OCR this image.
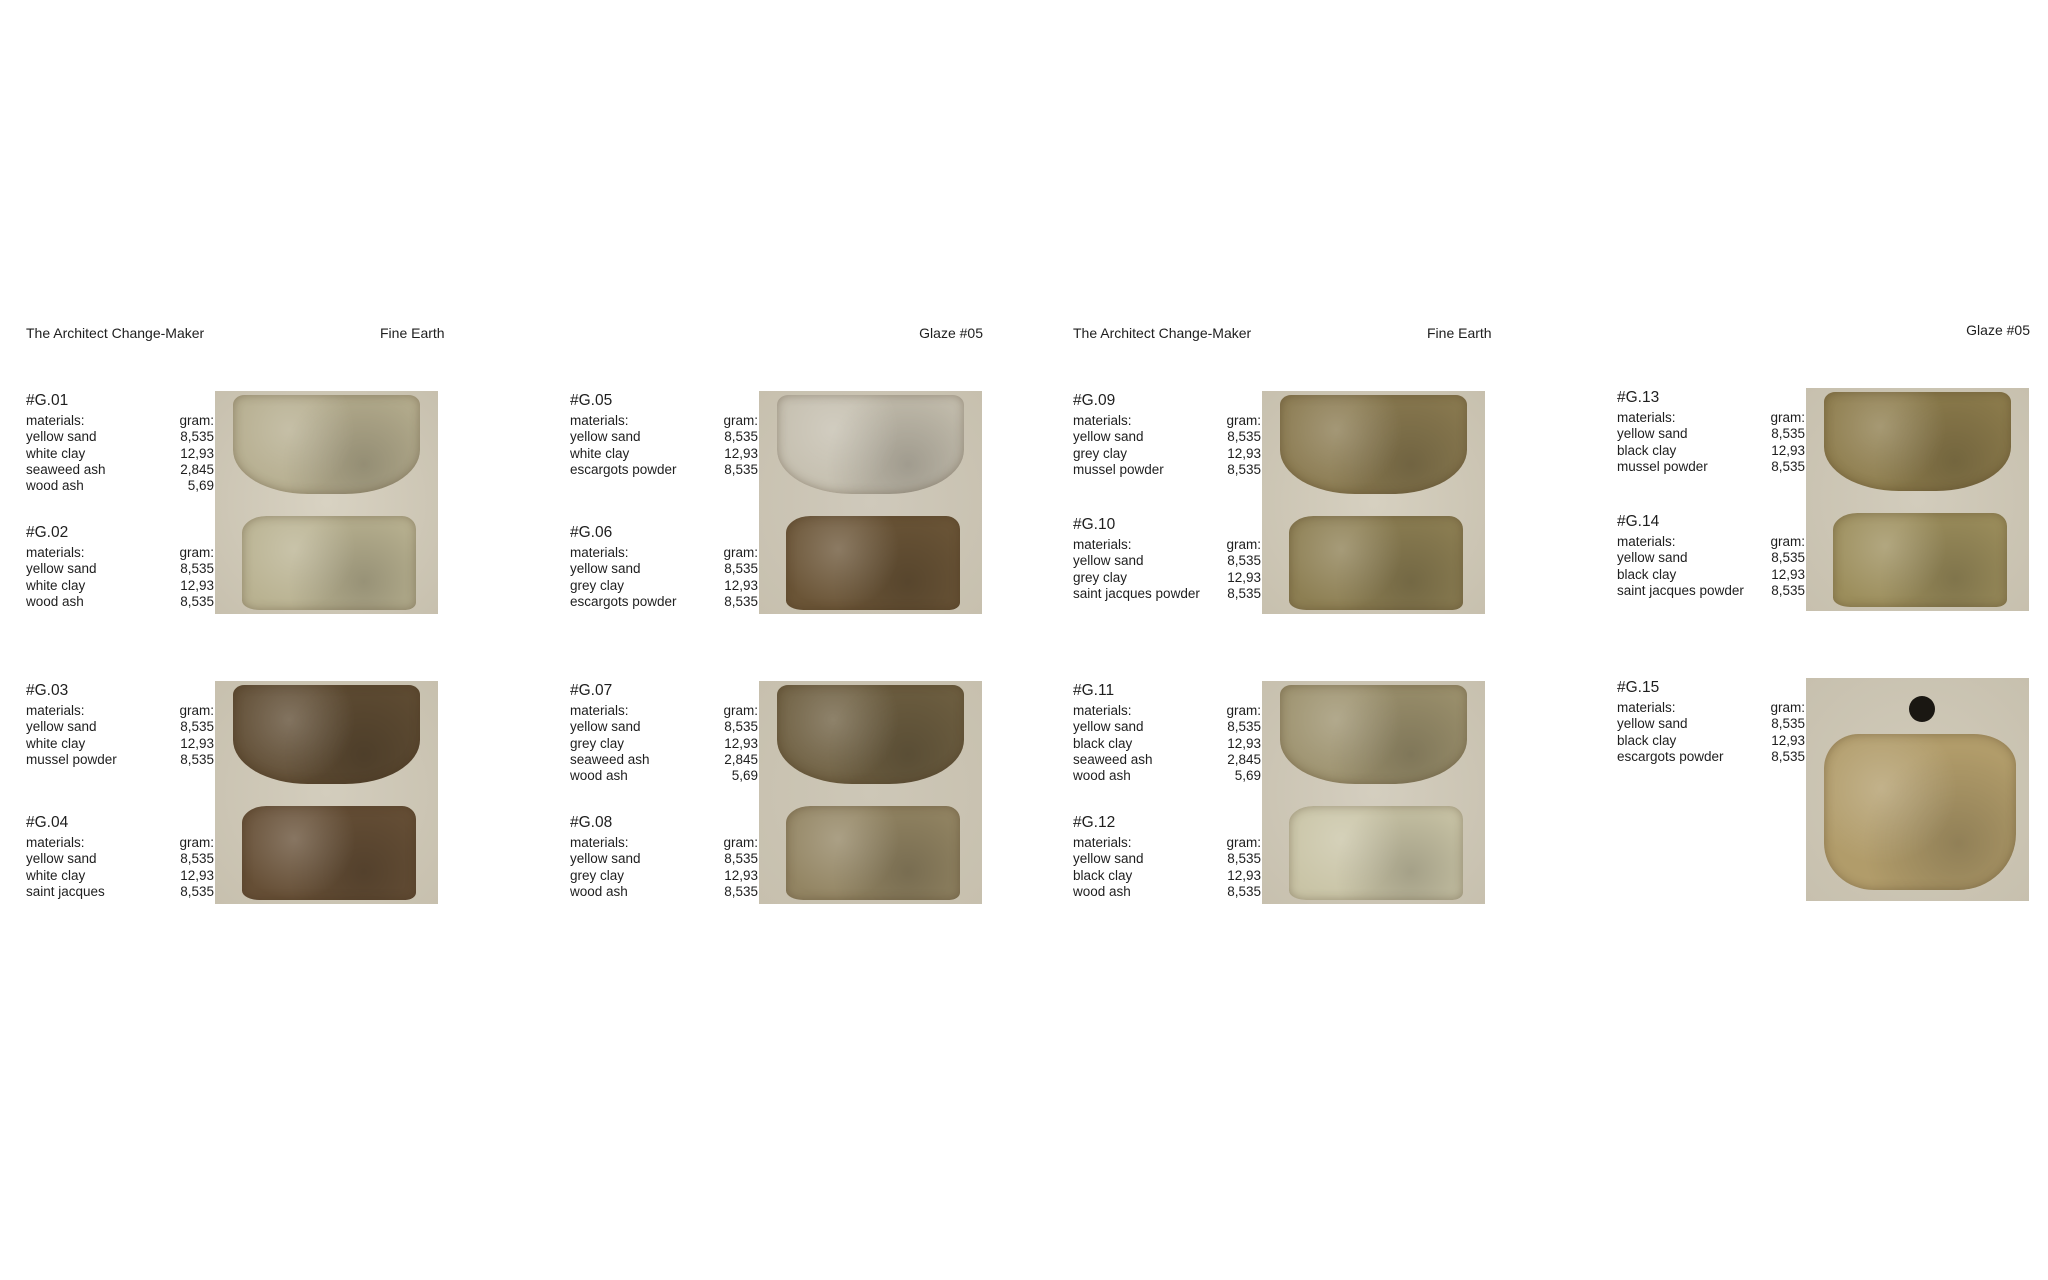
The Architect Change-Maker	Fine Earth	Glaze #05
#G.01
materials:	gram:
yellow sand	8,535
white clay	12,93
seaweed ash	2,845
wood ash	5,69
#G.02
materials:	gram:
yellow sand	8,535
white clay	12,93
wood ash	8,535
#G.03
materials:	gram:
yellow sand	8,535
white clay	12,93
mussel powder	8,535
#G.04
materials:	gram:
yellow sand	8,535
white clay	12,93
saint jacques	8,535
#G.05
materials:	gram:
yellow sand	8,535
white clay	12,93
escargots powder	8,535
#G.06
materials:	gram:
yellow sand	8,535
grey clay	12,93
escargots powder	8,535
#G.07
materials:	gram:
yellow sand	8,535
grey clay	12,93
seaweed ash	2,845
wood ash	5,69
#G.08
materials:	gram:
yellow sand	8,535
grey clay	12,93
wood ash	8,535
The Architect Change-Maker	Fine Earth	Glaze #05
#G.09
materials:	gram:
yellow sand	8,535
grey clay	12,93
mussel powder	8,535
#G.10
materials:	gram:
yellow sand	8,535
grey clay	12,93
saint jacques powder 8,535
#G.11
materials:	gram:
yellow sand	8,535
black clay	12,93
seaweed ash	2,845
wood ash	5,69
#G.12
materials:	gram:
yellow sand	8,535
black clay	12,93
wood ash	8,535
#G.13
materials:	gram:
yellow sand	8,535
black clay	12,93
mussel powder	8,535
#G.14
materials:	gram:
yellow sand	8,535
black clay	12,93
saint jacques powder 8,535
#G.15
materials:	gram:
yellow sand	8,535
black clay	12,93
escargots powder	8,535
